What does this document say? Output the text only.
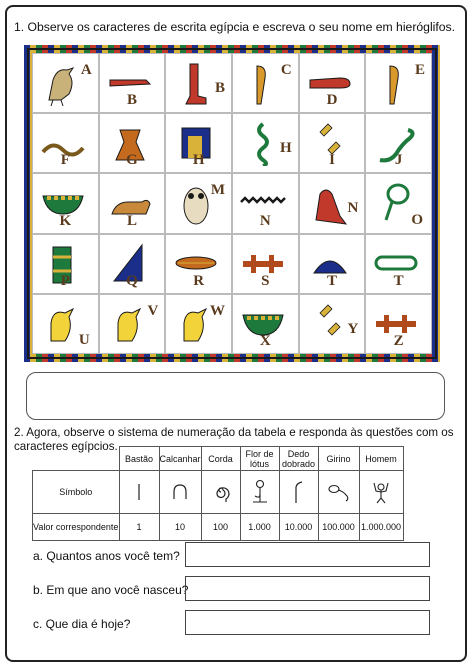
1. Observe os caracteres de escrita egípcia e escreva o seu nome em hieróglifos.
A
B
B
C
D
E
F	G	H
H
I	J
K	L
M
N
N
O
P	Q	R	S	T	T
U
V	W
X
Y
Z
2. Agora, observe o sistema de numeração da tabela e responda às questões com os caracteres egípcios.
	Bastão	Calcanhar	Corda	Flor de lótus	Dedo dobrado	Girino	Homem
Símbolo	

Valor correspondente	1	10	100	1.000	10.000	100.000	1.000.000
a. Quantos anos você tem?
b. Em que ano você nasceu?
c. Que dia é hoje?
